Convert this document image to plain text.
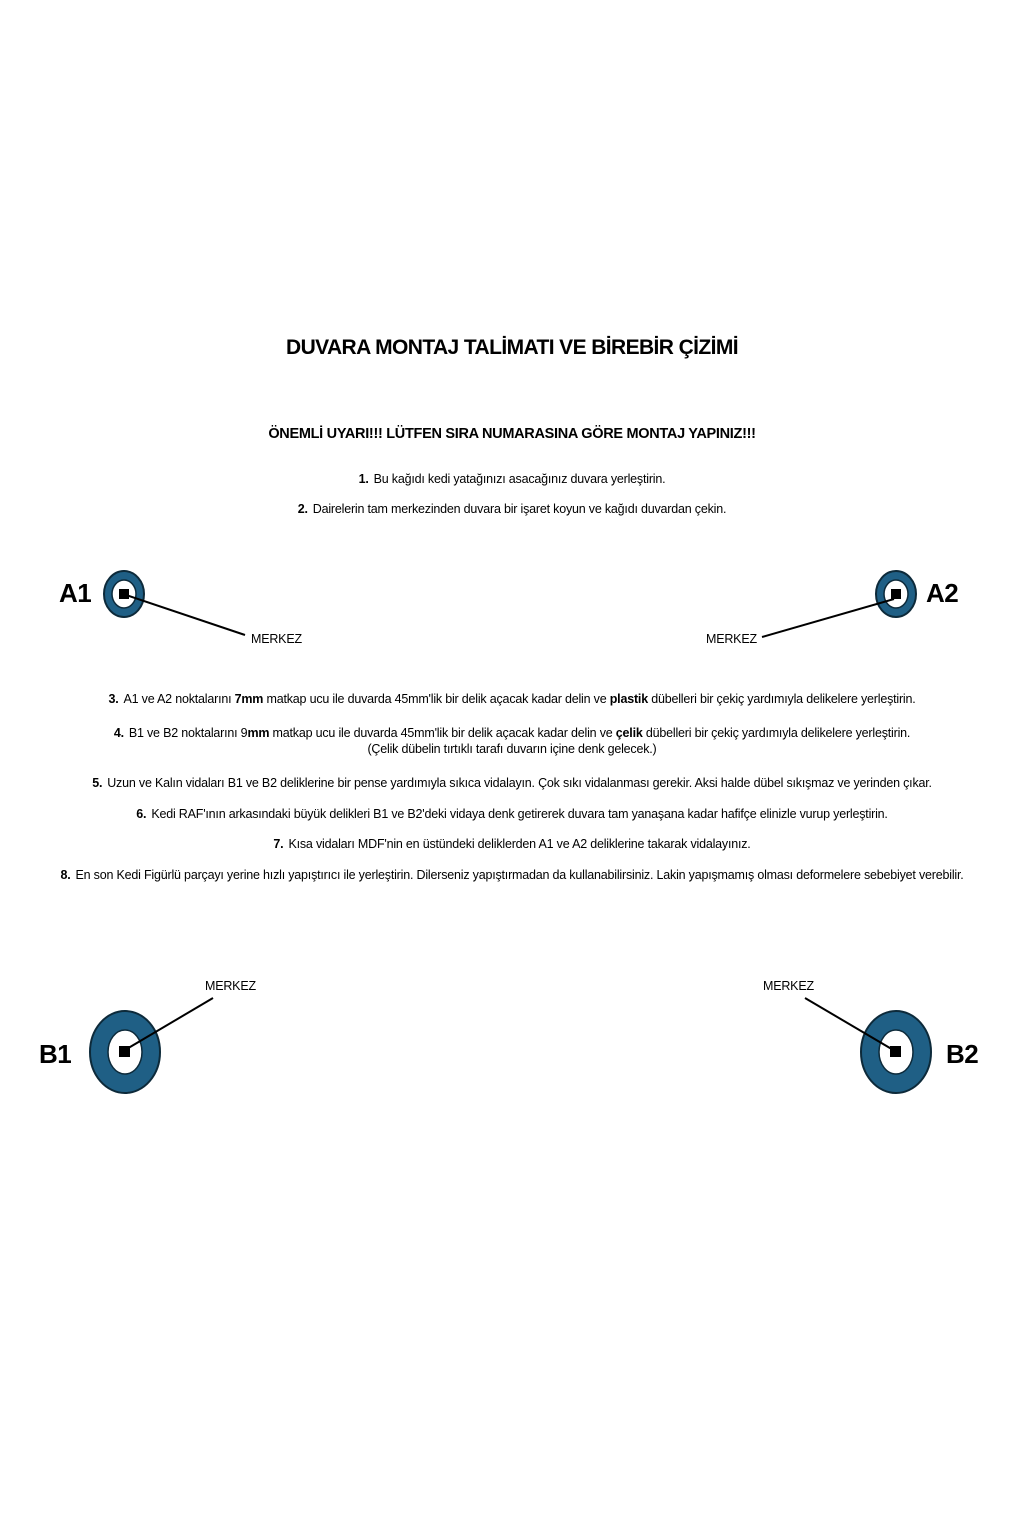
DUVARA MONTAJ TALİMATI VE BİREBİR ÇİZİMİ
ÖNEMLİ UYARI!!! LÜTFEN SIRA NUMARASINA GÖRE MONTAJ YAPINIZ!!!
1. Bu kağıdı kedi yatağınızı asacağınız duvara yerleştirin.
2. Dairelerin tam merkezinden duvara bir işaret koyun ve kağıdı duvardan çekin.
A1	A2
MERKEZ	MERKEZ
3. A1 ve A2 noktalarını 7mm matkap ucu ile duvarda 45mm'lik bir delik açacak kadar delin ve plastik dübelleri bir çekiç yardımıyla delikelere yerleştirin.
4. B1 ve B2 noktalarını 9mm matkap ucu ile duvarda 45mm'lik bir delik açacak kadar delin ve çelik dübelleri bir çekiç yardımıyla delikelere yerleştirin.
(Çelik dübelin tırtıklı tarafı duvarın içine denk gelecek.)
5. Uzun ve Kalın vidaları B1 ve B2 deliklerine bir pense yardımıyla sıkıca vidalayın. Çok sıkı vidalanması gerekir. Aksi halde dübel sıkışmaz ve yerinden çıkar.
6. Kedi RAF'ının arkasındaki büyük delikleri B1 ve B2'deki vidaya denk getirerek duvara tam yanaşana kadar hafifçe elinizle vurup yerleştirin.
7. Kısa vidaları MDF'nin en üstündeki deliklerden A1 ve A2 deliklerine takarak vidalayınız.
8. En son Kedi Figürlü parçayı yerine hızlı yapıştırıcı ile yerleştirin. Dilerseniz yapıştırmadan da kullanabilirsiniz. Lakin yapışmamış olması deformelere sebebiyet verebilir.
MERKEZ	MERKEZ
B1	B2
